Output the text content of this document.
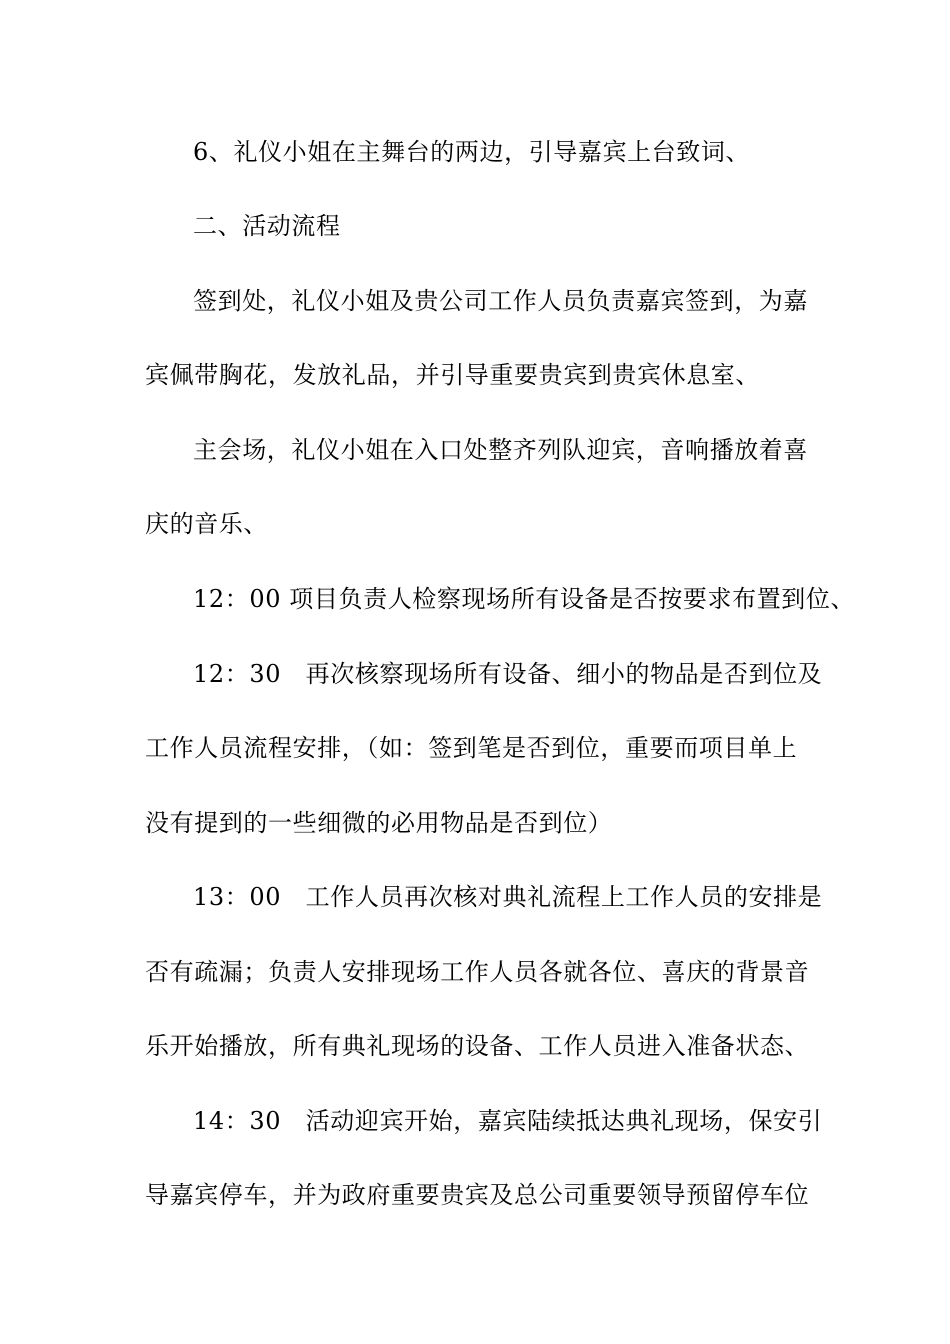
6、礼仪小姐在主舞台的两边，引导嘉宾上台致词、
二、活动流程
签到处，礼仪小姐及贵公司工作人员负责嘉宾签到，为嘉
宾佩带胸花，发放礼品，并引导重要贵宾到贵宾休息室、
主会场，礼仪小姐在入口处整齐列队迎宾，音响播放着喜
庆的音乐、
12：00 项目负责人检察现场所有设备是否按要求布置到位、
12：30　再次核察现场所有设备、细小的物品是否到位及
工作人员流程安排，（如：签到笔是否到位，重要而项目单上
没有提到的一些细微的必用物品是否到位）
13：00　工作人员再次核对典礼流程上工作人员的安排是
否有疏漏；负责人安排现场工作人员各就各位、喜庆的背景音
乐开始播放，所有典礼现场的设备、工作人员进入准备状态、
14：30　活动迎宾开始，嘉宾陆续抵达典礼现场，保安引
导嘉宾停车，并为政府重要贵宾及总公司重要领导预留停车位
